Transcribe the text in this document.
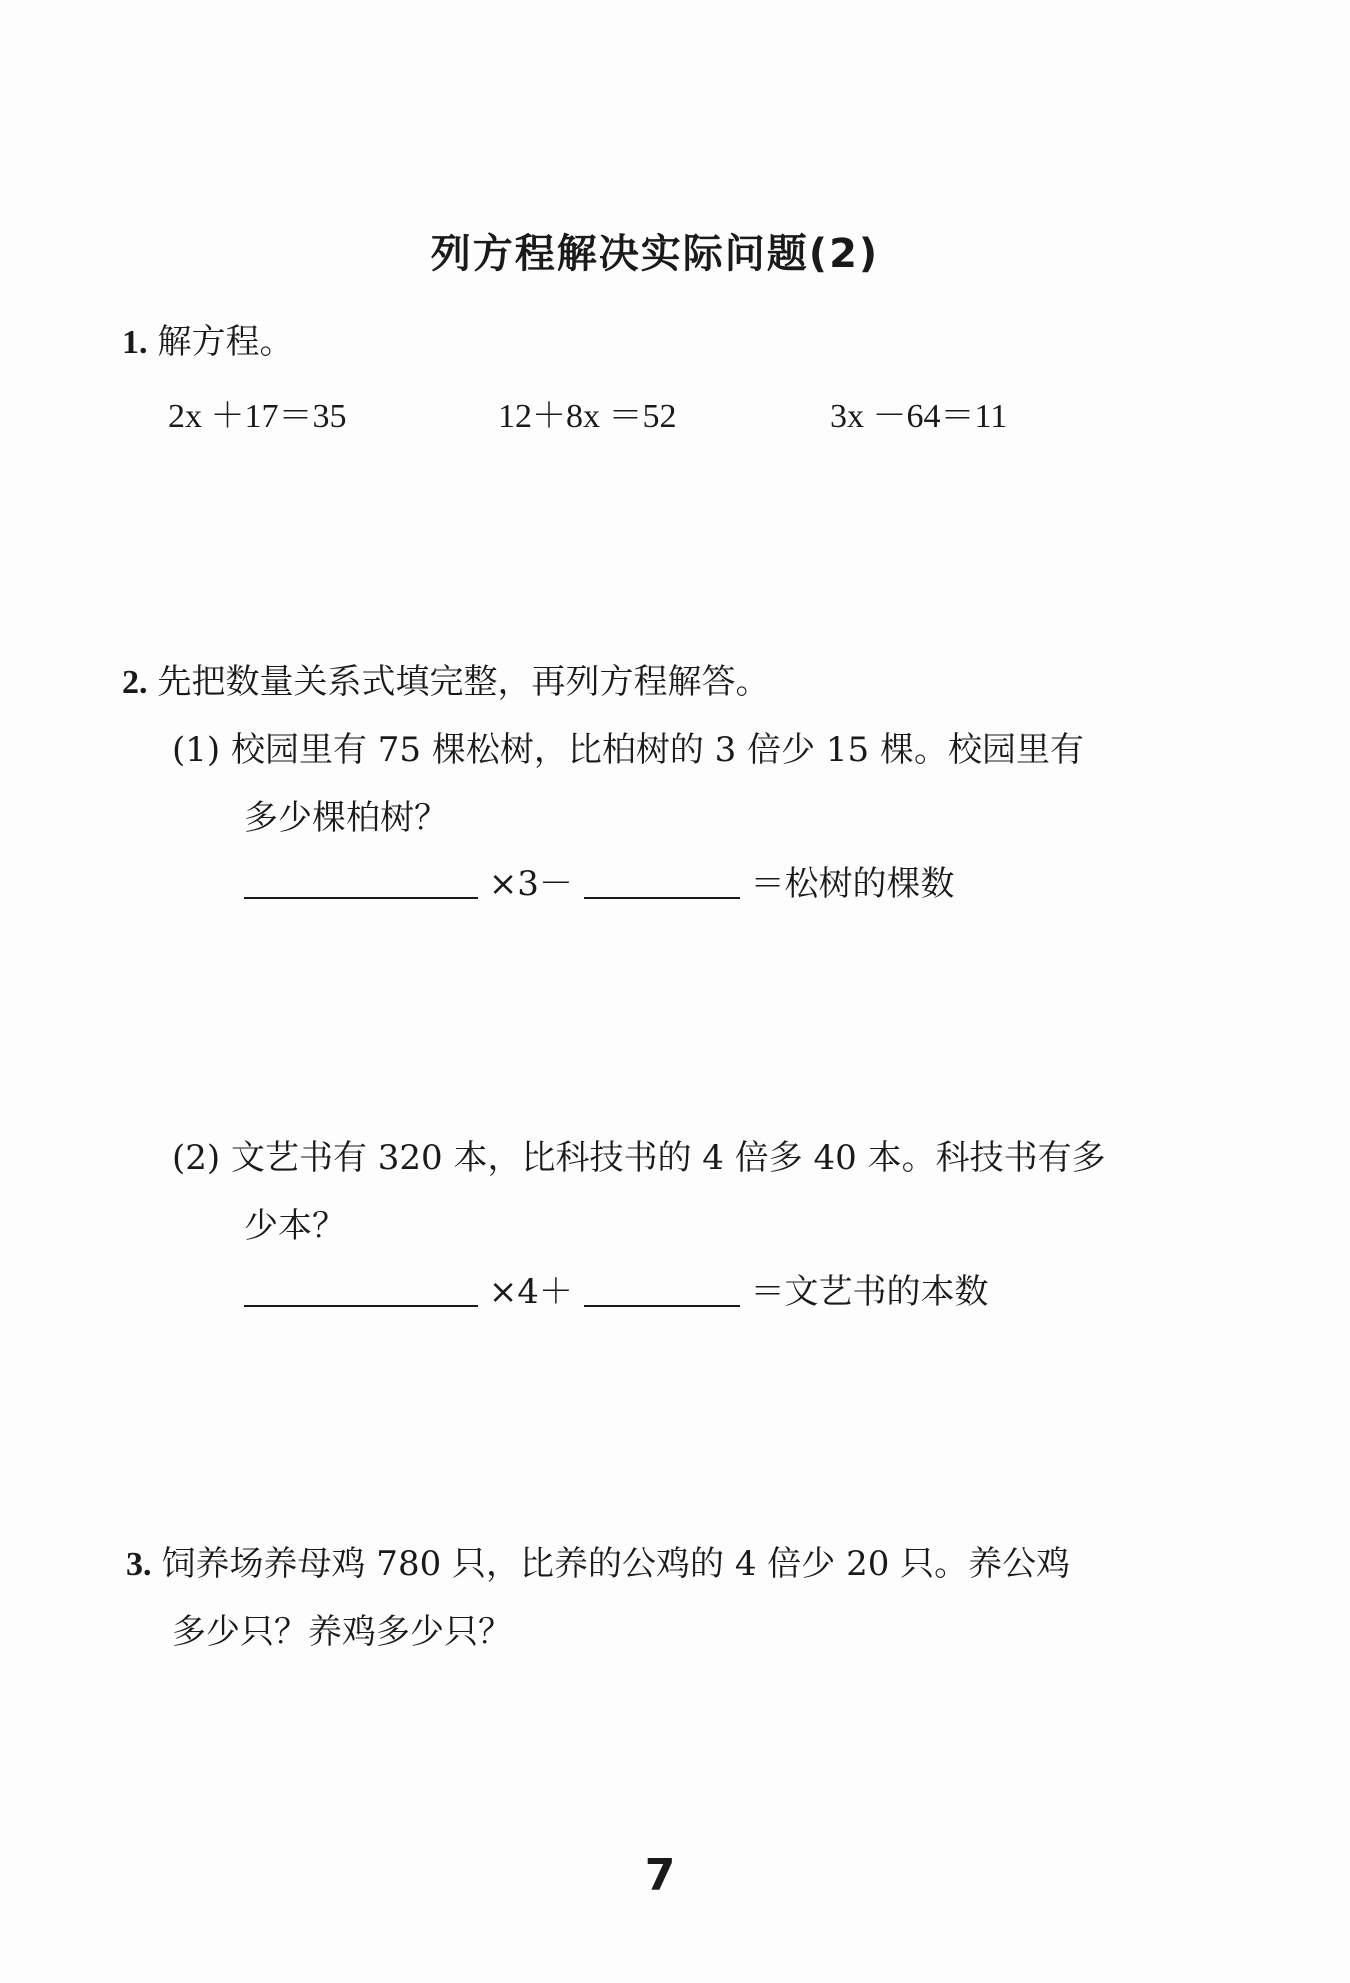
列方程解决实际问题(2)
1. 解方程。
2x ＋17＝35	12＋8x ＝52	3x －64＝11
2. 先把数量关系式填完整，再列方程解答。
(1) 校园里有 75 棵松树，比柏树的 3 倍少 15 棵。校园里有
多少棵柏树？
×3－	＝松树的棵数
(2) 文艺书有 320 本，比科技书的 4 倍多 40 本。科技书有多
少本？
×4＋	＝文艺书的本数
3. 饲养场养母鸡 780 只，比养的公鸡的 4 倍少 20 只。养公鸡
多少只？养鸡多少只？
7
